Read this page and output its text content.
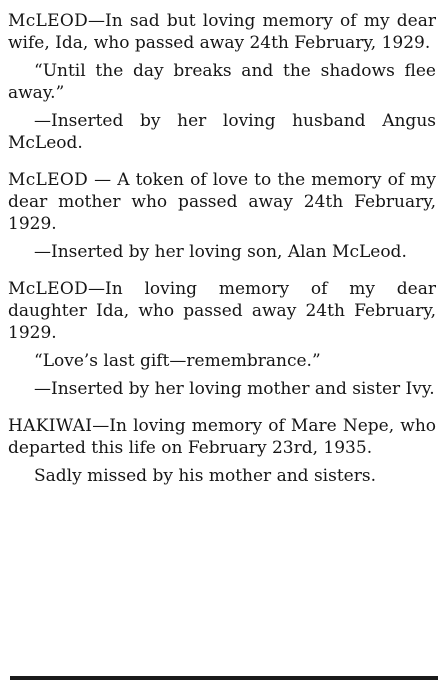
McLEOD—In sad but loving memory of my dear wife, Ida, who passed away 24th February, 1929.

“Until the day breaks and the shadows flee away.”

—Inserted by her loving husband Angus McLeod.

McLEOD — A token of love to the memory of my dear mother who passed away 24th February, 1929.

—Inserted by her loving son, Alan McLeod.

McLEOD—In loving memory of my dear daughter Ida, who passed away 24th February, 1929.

“Love’s last gift—remembrance.”

—Inserted by her loving mother and sister Ivy.

HAKIWAI—In loving memory of Mare Nepe, who departed this life on February 23rd, 1935.

Sadly missed by his mother and sisters.
